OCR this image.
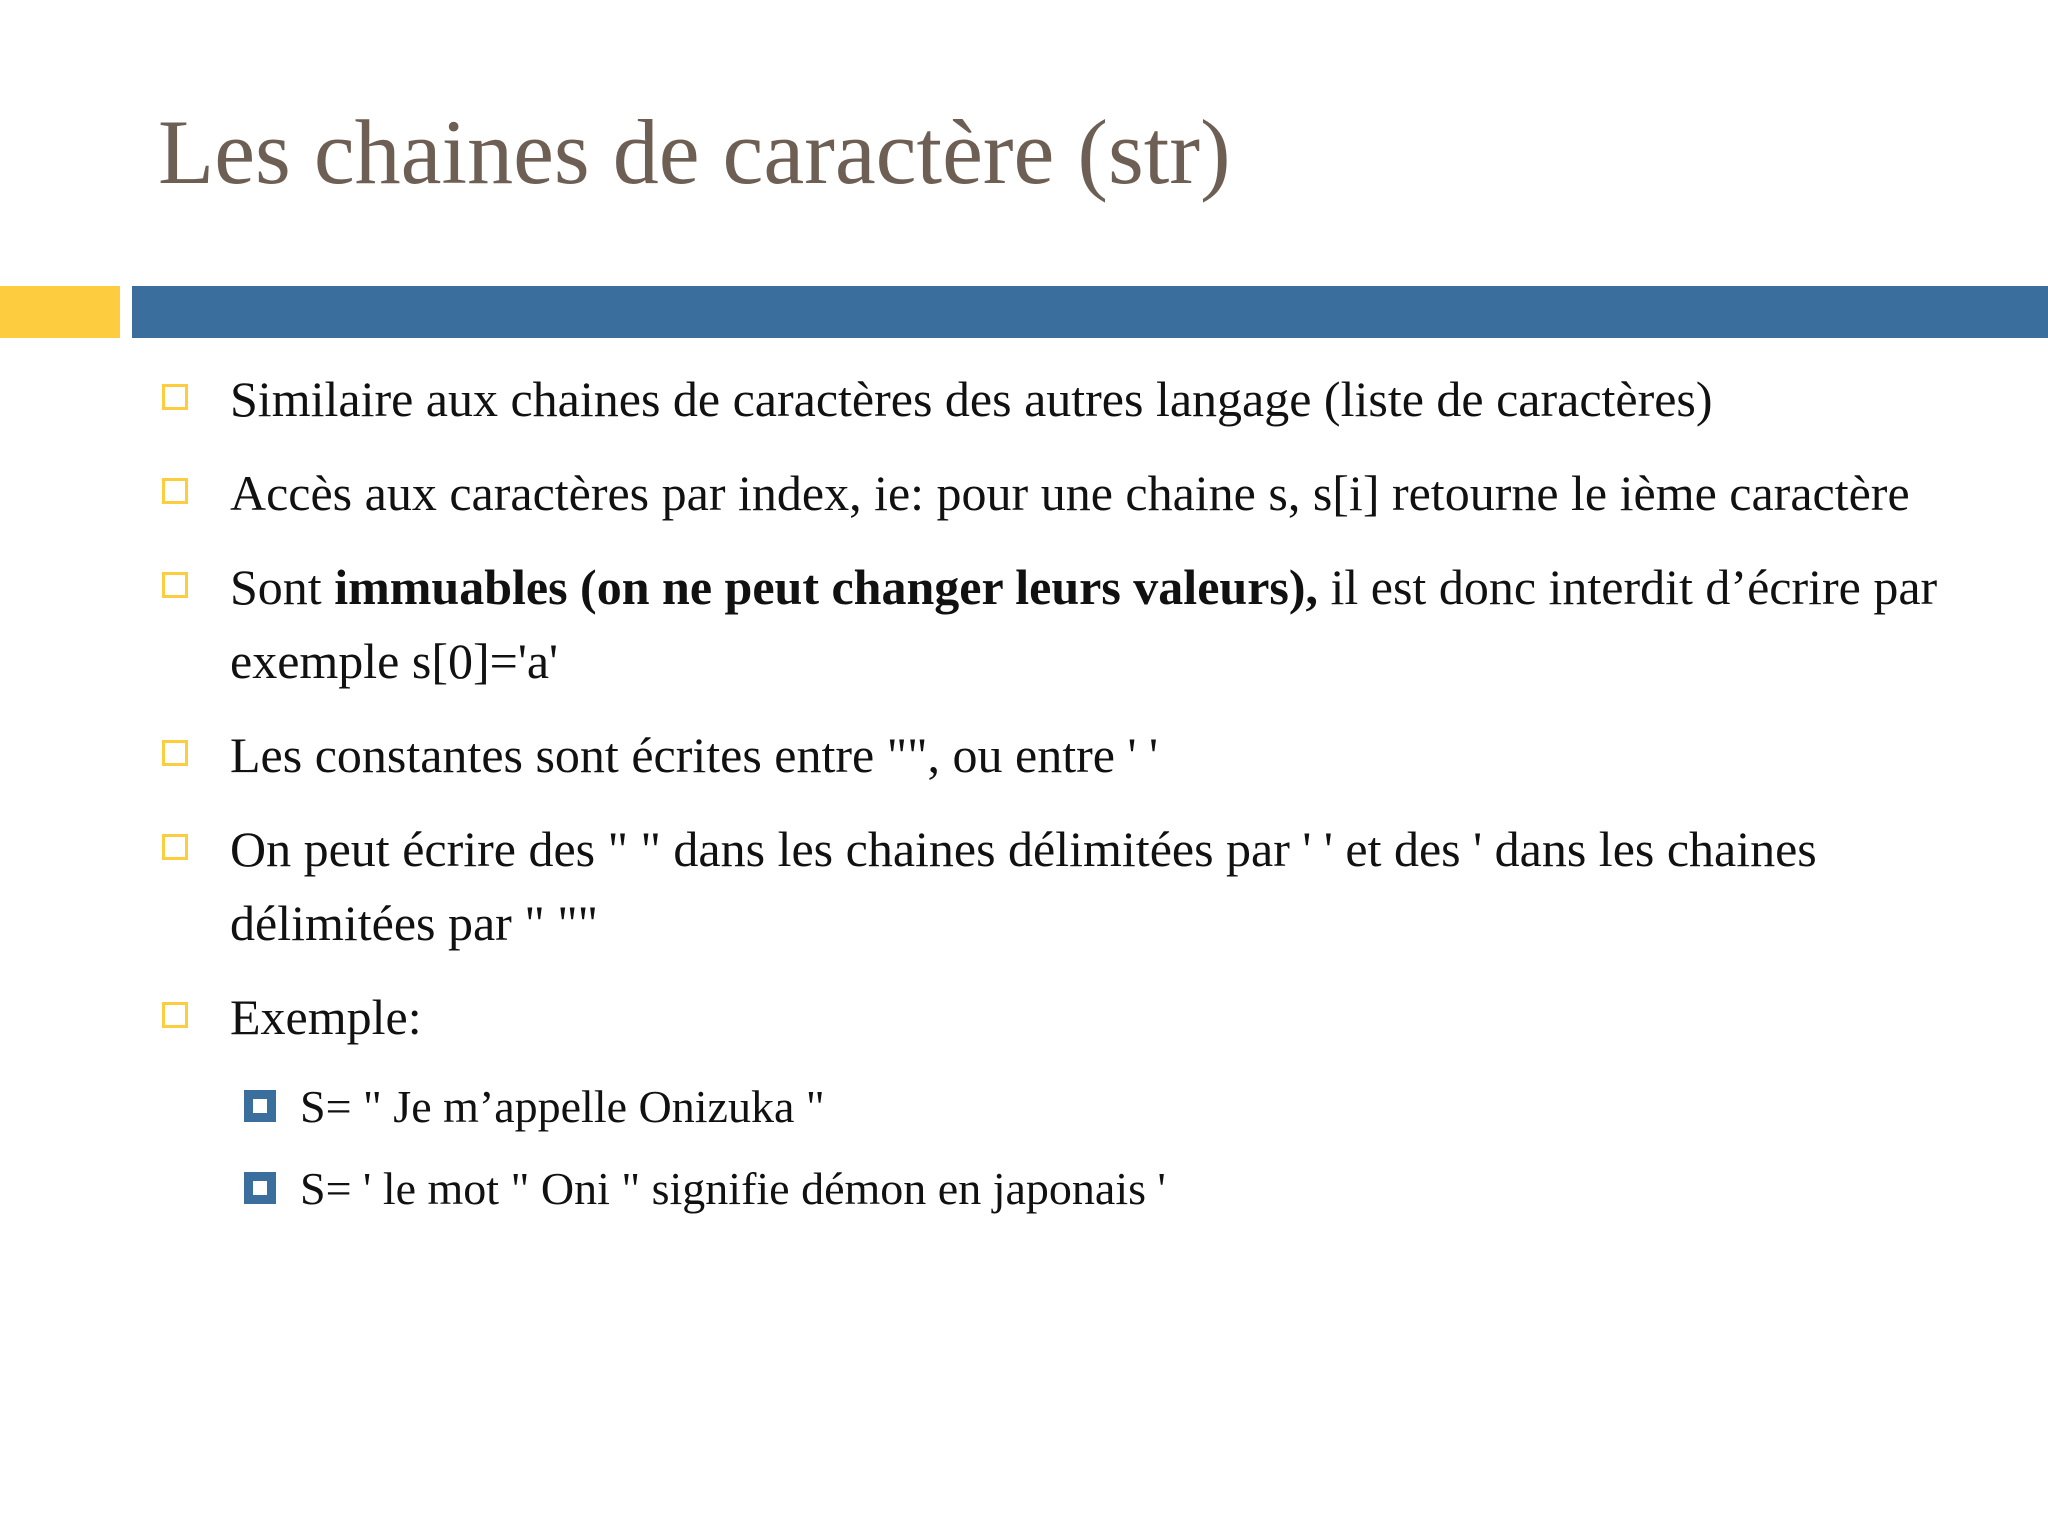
Les chaines de caractère (str)
Similaire aux chaines de caractères des autres langage (liste de caractères)
Accès aux caractères par index, ie: pour une chaine s, s[i] retourne le ième caractère
Sont immuables (on ne peut changer leurs valeurs), il est donc interdit d’écrire par exemple s[0]='a'
Les constantes sont écrites entre "", ou entre ' '
On peut écrire des " " dans les chaines délimitées par ' ' et des ' dans les chaines délimitées par " ""
Exemple:
S= " Je m’appelle Onizuka "
S= ' le mot " Oni " signifie démon en japonais '
